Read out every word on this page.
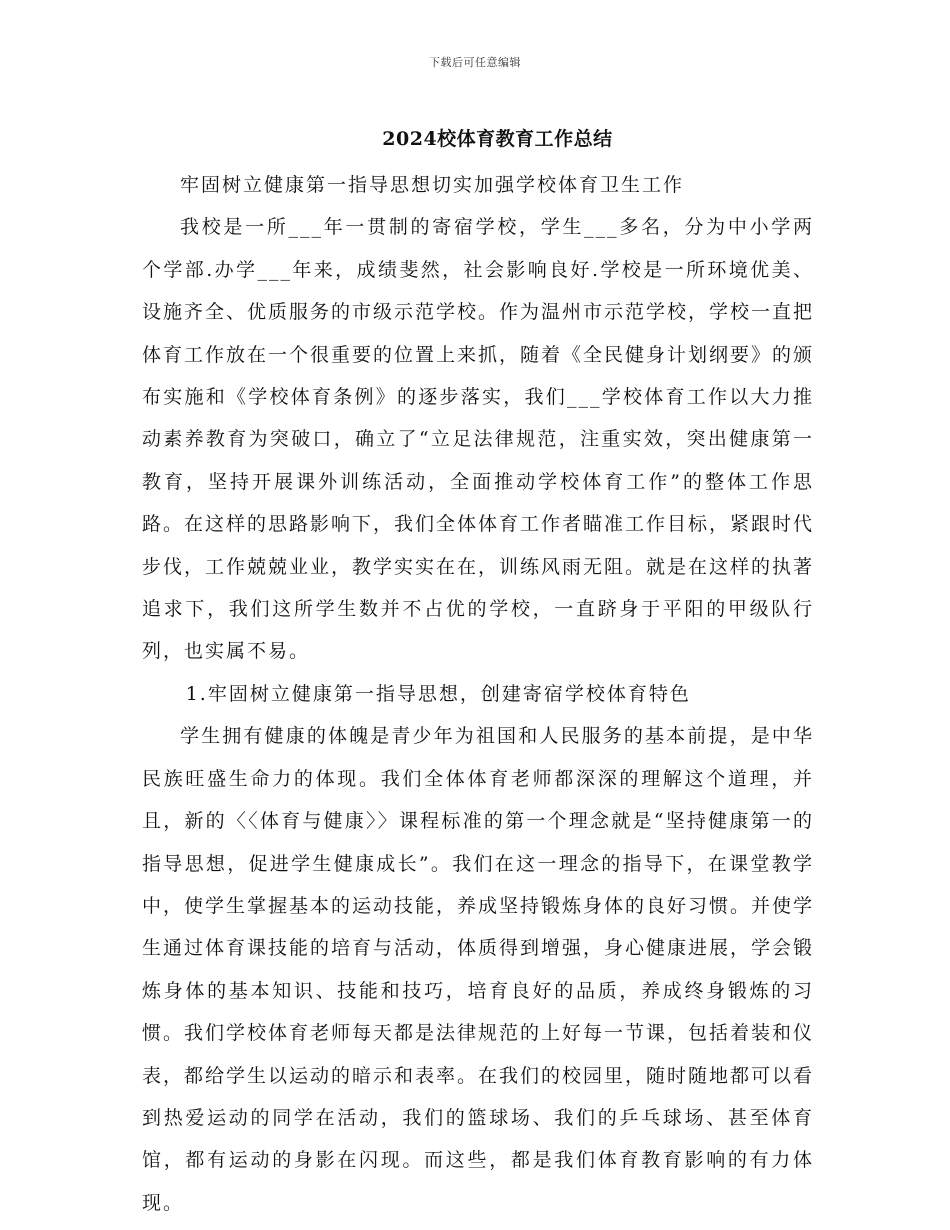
下载后可任意编辑
2024校体育教育工作总结

牢固树立健康第一指导思想切实加强学校体育卫生工作

我校是一所___年一贯制的寄宿学校，学生___多名，分为中小学两个学部.办学___年来，成绩斐然，社会影响良好.学校是一所环境优美、设施齐全、优质服务的市级示范学校。作为温州市示范学校，学校一直把体育工作放在一个很重要的位置上来抓，随着《全民健身计划纲要》的颁布实施和《学校体育条例》的逐步落实，我们___学校体育工作以大力推动素养教育为突破口，确立了“立足法律规范，注重实效，突出健康第一教育，坚持开展课外训练活动，全面推动学校体育工作”的整体工作思路。在这样的思路影响下，我们全体体育工作者瞄准工作目标，紧跟时代步伐，工作兢兢业业，教学实实在在，训练风雨无阻。就是在这样的执著追求下，我们这所学生数并不占优的学校，一直跻身于平阳的甲级队行列，也实属不易。

1.牢固树立健康第一指导思想，创建寄宿学校体育特色

学生拥有健康的体魄是青少年为祖国和人民服务的基本前提，是中华民族旺盛生命力的体现。我们全体体育老师都深深的理解这个道理，并且，新的〈〈体育与健康〉〉课程标准的第一个理念就是“坚持健康第一的指导思想，促进学生健康成长”。我们在这一理念的指导下，在课堂教学中，使学生掌握基本的运动技能，养成坚持锻炼身体的良好习惯。并使学生通过体育课技能的培育与活动，体质得到增强，身心健康进展，学会锻炼身体的基本知识、技能和技巧，培育良好的品质，养成终身锻炼的习惯。我们学校体育老师每天都是法律规范的上好每一节课，包括着装和仪表，都给学生以运动的暗示和表率。在我们的校园里，随时随地都可以看到热爱运动的同学在活动，我们的篮球场、我们的乒乓球场、甚至体育馆，都有运动的身影在闪现。而这些，都是我们体育教育影响的有力体现。
